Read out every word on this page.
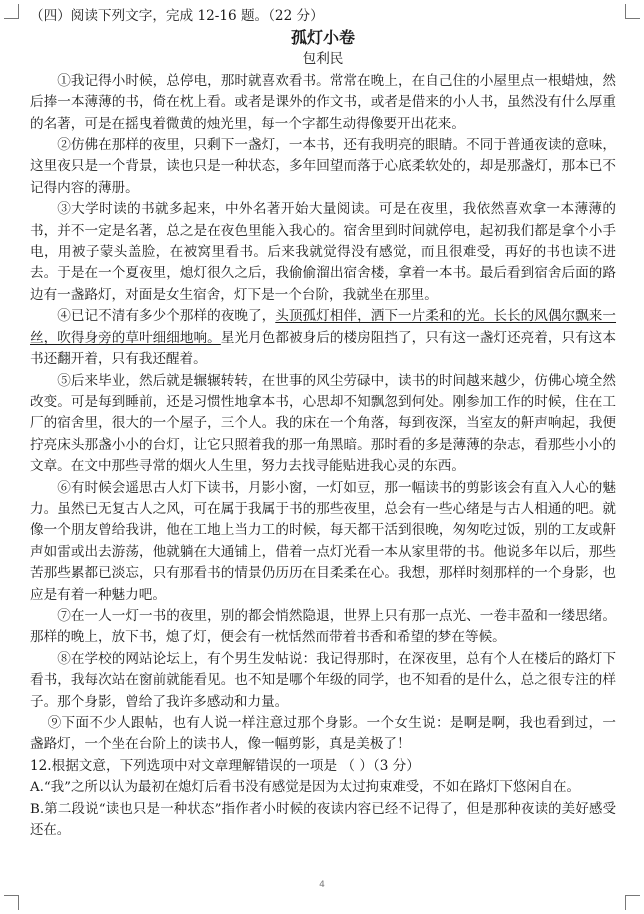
（四）阅读下列文字，完成 12-16 题。（22 分）

孤灯小卷

包利民

①我记得小时候，总停电，那时就喜欢看书。常常在晚上，在自己住的小屋里点一根蜡烛，然后捧一本薄薄的书，倚在枕上看。或者是课外的作文书，或者是借来的小人书，虽然没有什么厚重的名著，可是在摇曳着微黄的烛光里，每一个字都生动得像要开出花来。

②仿佛在那样的夜里，只剩下一盏灯，一本书，还有我明亮的眼睛。不同于普通夜读的意味，这里夜只是一个背景，读也只是一种状态，多年回望而落于心底柔软处的，却是那盏灯，那本已不记得内容的薄册。

③大学时读的书就多起来，中外名著开始大量阅读。可是在夜里，我依然喜欢拿一本薄薄的书，并不一定是名著，总之是在夜色里能入我心的。宿舍里到时间就停电，起初我们都是拿个小手电，用被子蒙头盖脸，在被窝里看书。后来我就觉得没有感觉，而且很难受，再好的书也读不进去。于是在一个夏夜里，熄灯很久之后，我偷偷溜出宿舍楼，拿着一本书。最后看到宿舍后面的路边有一盏路灯，对面是女生宿舍，灯下是一个台阶，我就坐在那里。

④已记不清有多少个那样的夜晚了，头顶孤灯相伴，洒下一片柔和的光。长长的风偶尔飘来一丝，吹得身旁的草叶细细地响。星光月色都被身后的楼房阻挡了，只有这一盏灯还亮着，只有这本书还翻开着，只有我还醒着。

⑤后来毕业，然后就是辗辗转转，在世事的风尘劳碌中，读书的时间越来越少，仿佛心境全然改变。可是每到睡前，还是习惯性地拿本书，心思却不知飘忽到何处。刚参加工作的时候，住在工厂的宿舍里，很大的一个屋子，三个人。我的床在一个角落，每到夜深，当室友的鼾声响起，我便拧亮床头那盏小小的台灯，让它只照着我的那一角黑暗。那时看的多是薄薄的杂志，看那些小小的文章。在文中那些寻常的烟火人生里，努力去找寻能贴进我心灵的东西。

⑥有时候会遥思古人灯下读书，月影小窗，一灯如豆，那一幅读书的剪影该会有直入人心的魅力。虽然已无复古人之风，可在属于我属于书的那些夜里，总会有一些心绪是与古人相通的吧。就像一个朋友曾给我讲，他在工地上当力工的时候，每天都干活到很晚，匆匆吃过饭，别的工友或鼾声如雷或出去游荡，他就躺在大通铺上，借着一点灯光看一本从家里带的书。他说多年以后，那些苦那些累都已淡忘，只有那看书的情景仍历历在目柔柔在心。我想，那样时刻那样的一个身影，也应是有着一种魅力吧。

⑦在一人一灯一书的夜里，别的都会悄然隐退，世界上只有那一点光、一卷丰盈和一缕思绪。那样的晚上，放下书，熄了灯，便会有一枕恬然而带着书香和希望的梦在等候。

⑧在学校的网站论坛上，有个男生发帖说：我记得那时，在深夜里，总有个人在楼后的路灯下看书，我每次站在窗前就能看见。也不知是哪个年级的同学，也不知看的是什么，总之很专注的样子。那个身影，曾给了我许多感动和力量。

⑨下面不少人跟帖，也有人说一样注意过那个身影。一个女生说：是啊是啊，我也看到过，一盏路灯，一个坐在台阶上的读书人，像一幅剪影，真是美极了！

12.根据文意，下列选项中对文章理解错误的一项是 （ ）（3 分）

A.“我”之所以认为最初在熄灯后看书没有感觉是因为太过拘束难受，不如在路灯下悠闲自在。

B.第二段说“读也只是一种状态”指作者小时候的夜读内容已经不记得了，但是那种夜读的美好感受还在。

4
